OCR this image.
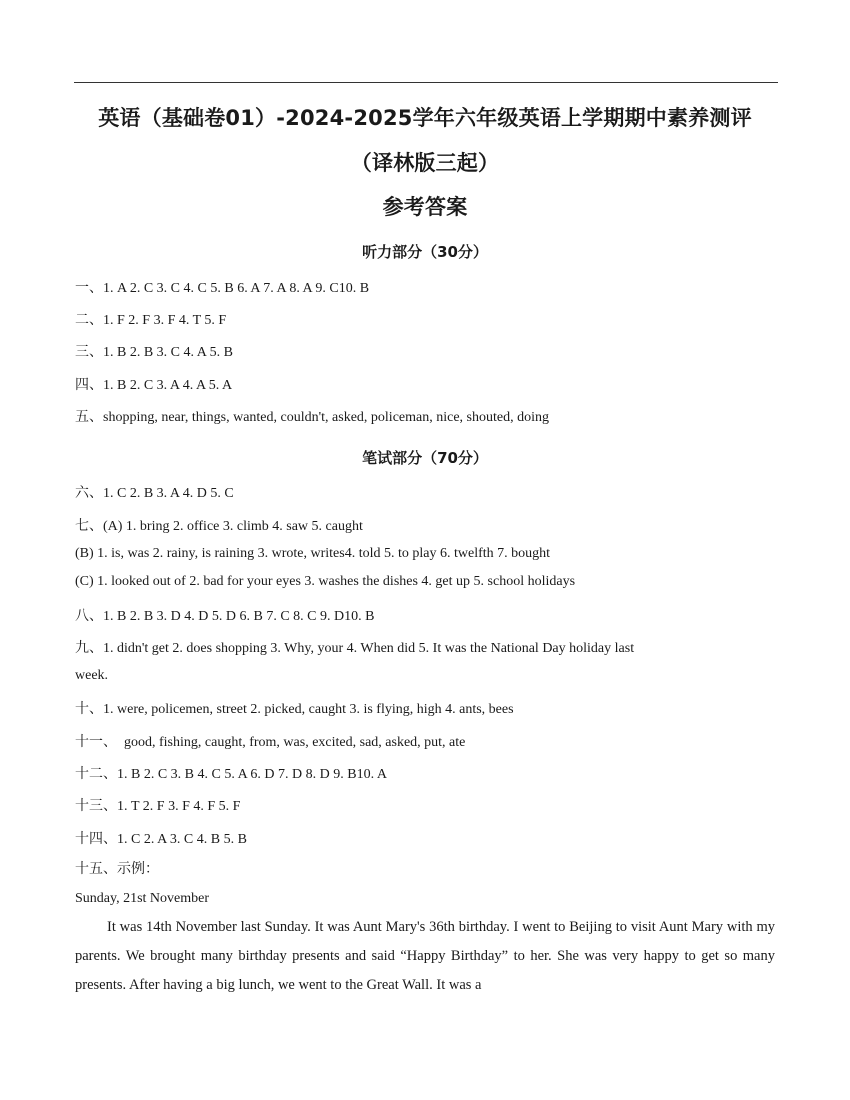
英语（基础卷01）-2024-2025学年六年级英语上学期期中素养测评
（译林版三起）
参考答案
听力部分（30分）
一、1. A 2. C 3. C 4. C 5. B 6. A 7. A 8. A 9. C10. B
二、1. F 2. F 3. F 4. T 5. F
三、1. B 2. B 3. C 4. A 5. B
四、1. B 2. C 3. A 4. A 5. A
五、shopping, near, things, wanted, couldn't, asked, policeman, nice, shouted, doing
笔试部分（70分）
六、1. C 2. B 3. A 4. D 5. C
七、(A) 1. bring 2. office 3. climb 4. saw 5. caught
(B) 1. is, was 2. rainy, is raining 3. wrote, writes4. told 5. to play 6. twelfth 7. bought
(C) 1. looked out of 2. bad for your eyes 3. washes the dishes 4. get up 5. school holidays
八、1. B 2. B 3. D 4. D 5. D 6. B 7. C 8. C 9. D10. B
九、1. didn't get 2. does shopping 3. Why, your 4. When did 5. It was the National Day holiday last
week.
十、1. were, policemen, street 2. picked, caught 3. is flying, high 4. ants, bees
十一、  good, fishing, caught, from, was, excited, sad, asked, put, ate
十二、1. B 2. C 3. B 4. C 5. A 6. D 7. D 8. D 9. B10. A
十三、1. T 2. F 3. F 4. F 5. F
十四、1. C 2. A 3. C 4. B 5. B
十五、示例：
Sunday, 21st November
It was 14th November last Sunday. It was Aunt Mary's 36th birthday. I went to Beijing to visit Aunt Mary with my parents. We brought many birthday presents and said “Happy Birthday” to her. She was very happy to get so many presents. After having a big lunch, we went to the Great Wall. It was a
